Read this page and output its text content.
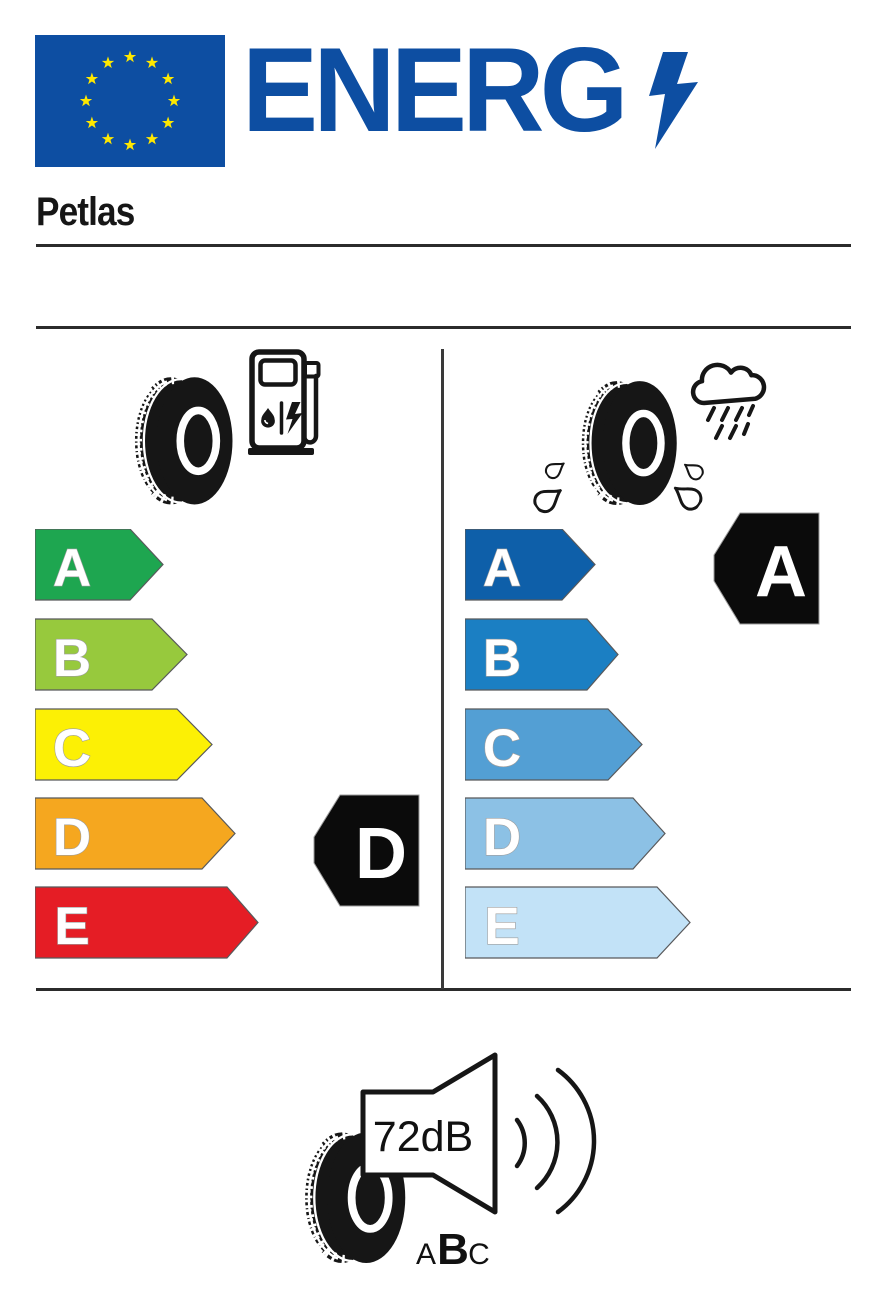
ENERG
Petlas
A
B
C
D
E
D
A
B
C
D
E
A
72dB
A B C
